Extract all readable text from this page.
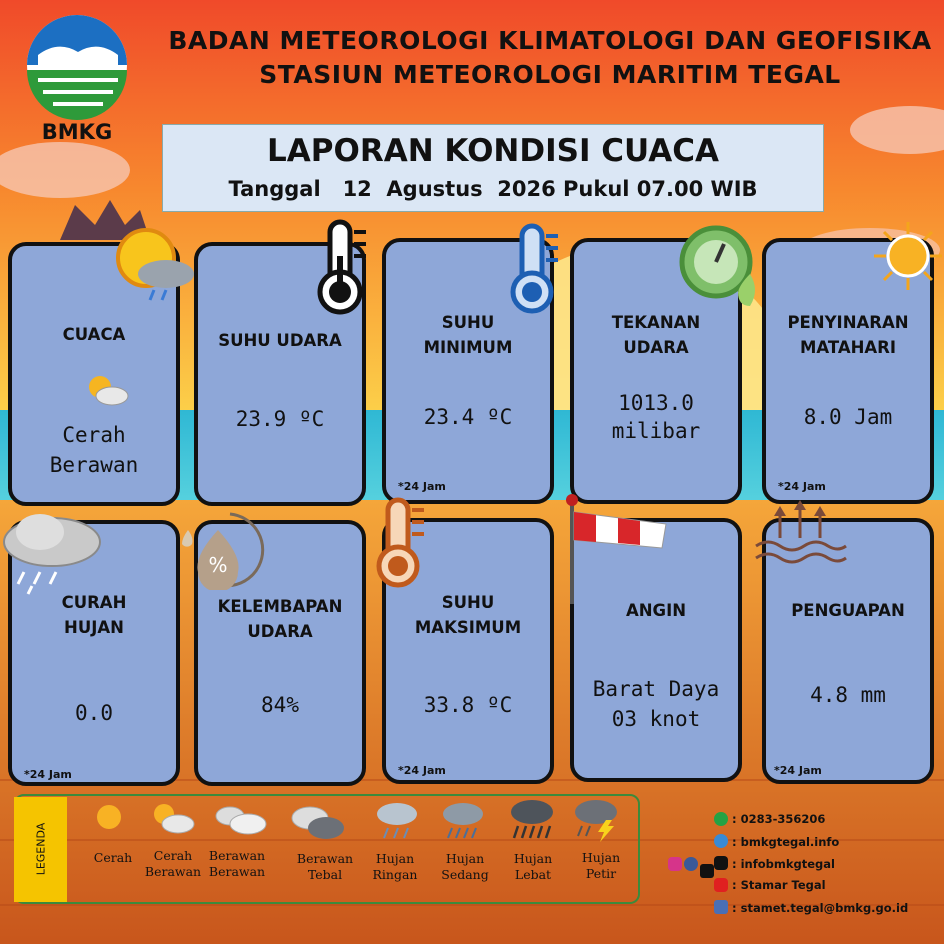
BMKG
BADAN METEOROLOGI KLIMATOLOGI DAN GEOFISIKA
STASIUN METEOROLOGI MARITIM TEGAL
LAPORAN KONDISI CUACA
Tanggal   12  Agustus  2026 Pukul 07.00 WIB
CUACA
Cerah
Berawan
SUHU UDARA
23.9 ºC
SUHU
MINIMUM
23.4 ºC
*24 Jam
TEKANAN
UDARA
1013.0
milibar
PENYINARAN
MATAHARI
8.0 Jam
*24 Jam
CURAH
HUJAN
0.0
*24 Jam
KELEMBAPAN
UDARA
84%
SUHU
MAKSIMUM
33.8 ºC
*24 Jam
ANGIN
Barat Daya
03 knot
PENGUAPAN
4.8 mm
*24 Jam
%
LEGENDA	Cerah	Cerah
Berawan
Berawan
Berawan
Berawan
Tebal
Hujan
Ringan
Hujan
Sedang
Hujan
Lebat
Hujan
Petir
: 0283-356206
: bmkgtegal.info
: infobmkgtegal
: Stamar Tegal
: stamet.tegal@bmkg.go.id
